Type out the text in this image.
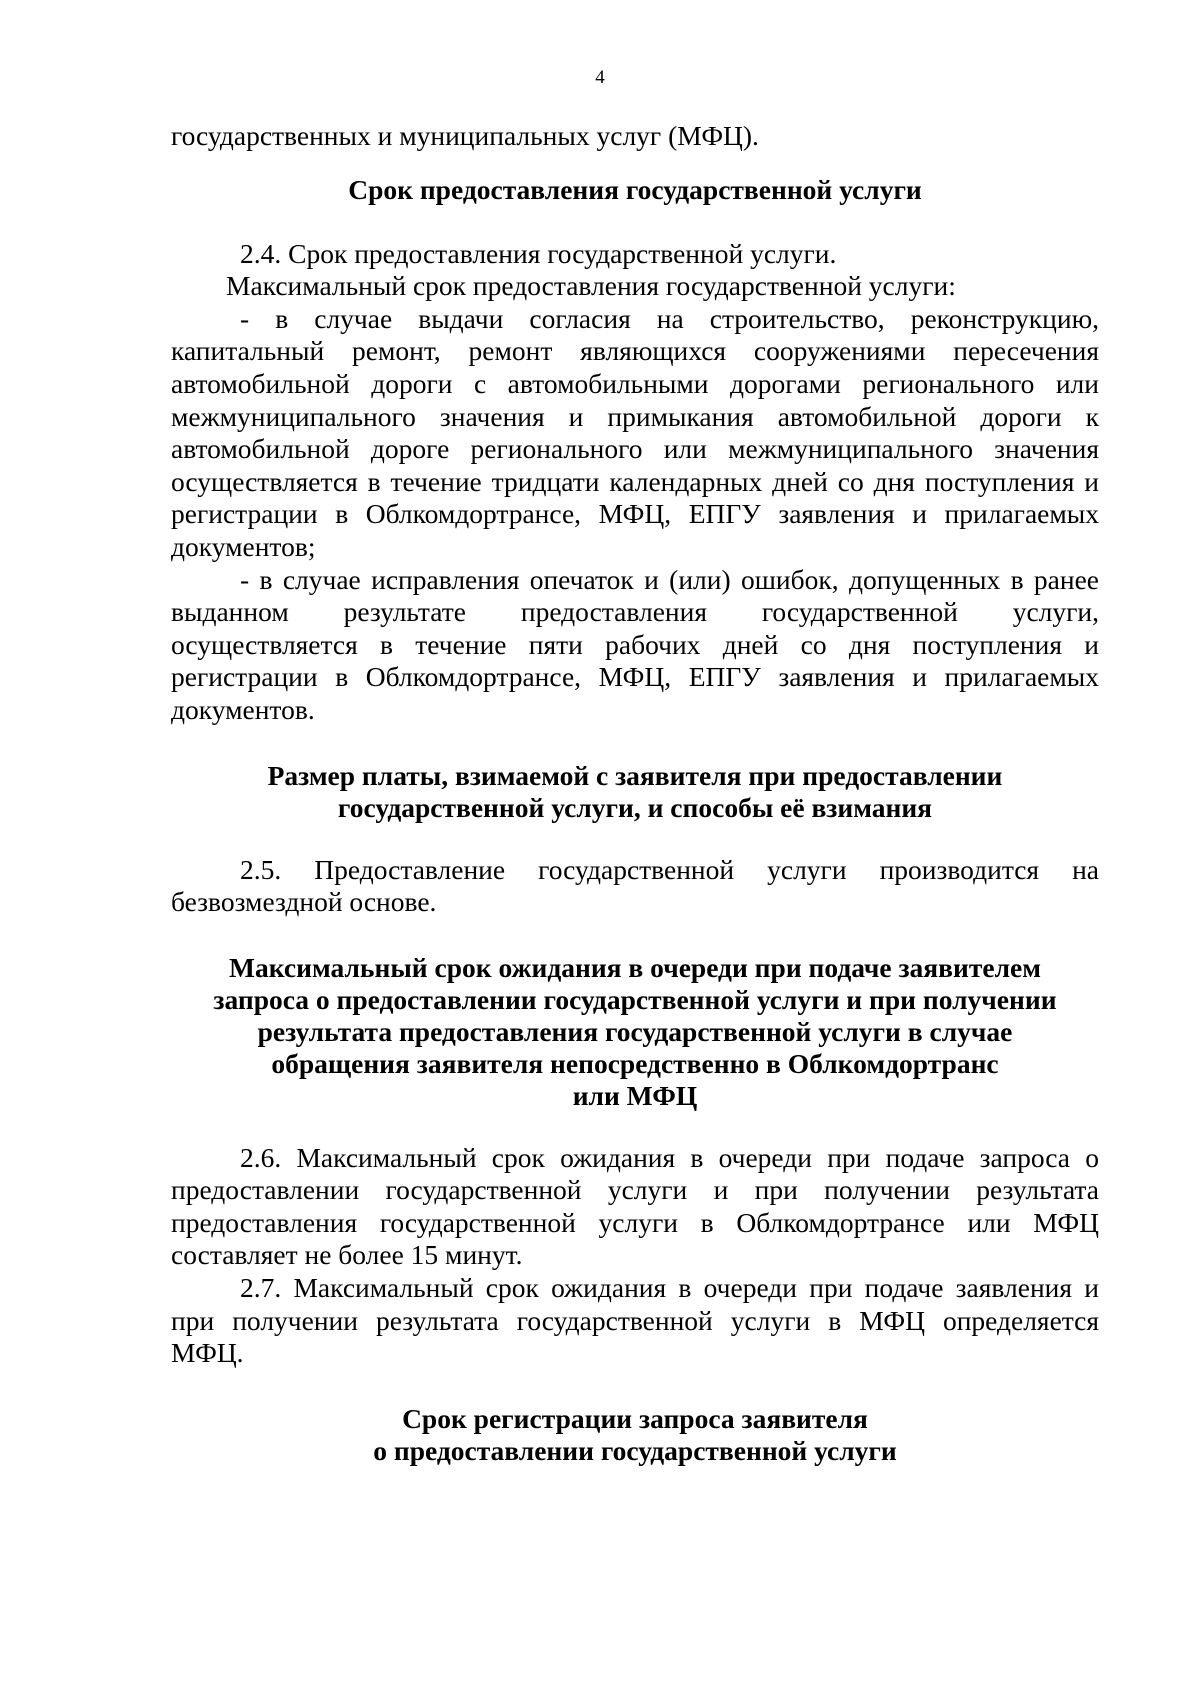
4

государственных и муниципальных услуг (МФЦ).

Срок предоставления государственной услуги

2.4. Срок предоставления государственной услуги.

Максимальный срок предоставления государственной услуги:

- в случае выдачи согласия на строительство, реконструкцию, капитальный ремонт, ремонт являющихся сооружениями пересечения автомобильной дороги с автомобильными дорогами регионального или межмуниципального значения и примыкания автомобильной дороги к автомобильной дороге регионального или межмуниципального значения осуществляется в течение тридцати календарных дней со дня поступления и регистрации в Облкомдортрансе, МФЦ, ЕПГУ заявления и прилагаемых документов;

- в случае исправления опечаток и (или) ошибок, допущенных в ранее выданном результате предоставления государственной услуги, осуществляется в течение пяти рабочих дней со дня поступления и регистрации в Облкомдортрансе, МФЦ, ЕПГУ заявления и прилагаемых документов.

Размер платы, взимаемой с заявителя при предоставлении

государственной услуги, и способы её взимания

2.5. Предоставление государственной услуги производится на безвозмездной основе.

Максимальный срок ожидания в очереди при подаче заявителем

запроса о предоставлении государственной услуги и при получении

результата предоставления государственной услуги в случае

обращения заявителя непосредственно в Облкомдортранс

или МФЦ

2.6. Максимальный срок ожидания в очереди при подаче запроса о предоставлении государственной услуги и при получении результата предоставления государственной услуги в Облкомдортрансе или МФЦ составляет не более 15 минут.

2.7. Максимальный срок ожидания в очереди при подаче заявления и при получении результата государственной услуги в МФЦ определяется МФЦ.

Срок регистрации запроса заявителя

о предоставлении государственной услуги
